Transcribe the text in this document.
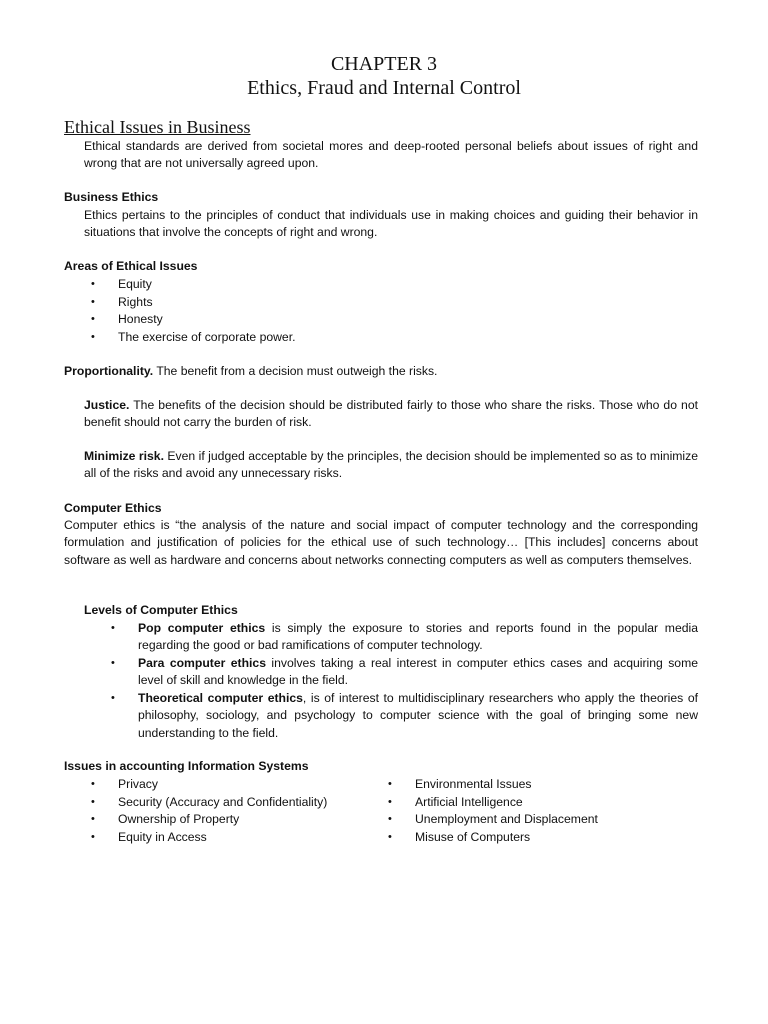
CHAPTER 3
Ethics, Fraud and Internal Control
Ethical Issues in Business
Ethical standards are derived from societal mores and deep-rooted personal beliefs about issues of right and wrong that are not universally agreed upon.
Business Ethics
Ethics pertains to the principles of conduct that individuals use in making choices and guiding their behavior in situations that involve the concepts of right and wrong.
Areas of Ethical Issues
• Equity
• Rights
• Honesty
• The exercise of corporate power.
Proportionality. The benefit from a decision must outweigh the risks.
Justice. The benefits of the decision should be distributed fairly to those who share the risks. Those who do not benefit should not carry the burden of risk.
Minimize risk. Even if judged acceptable by the principles, the decision should be implemented so as to minimize all of the risks and avoid any unnecessary risks.
Computer Ethics
Computer ethics is “the analysis of the nature and social impact of computer technology and the corresponding formulation and justification of policies for the ethical use of such technology… [This includes] concerns about software as well as hardware and concerns about networks connecting computers as well as computers themselves.
Levels of Computer Ethics
• Pop computer ethics is simply the exposure to stories and reports found in the popular media regarding the good or bad ramifications of computer technology.
• Para computer ethics involves taking a real interest in computer ethics cases and acquiring some level of skill and knowledge in the field.
• Theoretical computer ethics, is of interest to multidisciplinary researchers who apply the theories of philosophy, sociology, and psychology to computer science with the goal of bringing some new understanding to the field.
Issues in accounting Information Systems
• Privacy
• Security (Accuracy and Confidentiality)
• Ownership of Property
• Equity in Access
• Environmental Issues
• Artificial Intelligence
• Unemployment and Displacement
• Misuse of Computers
